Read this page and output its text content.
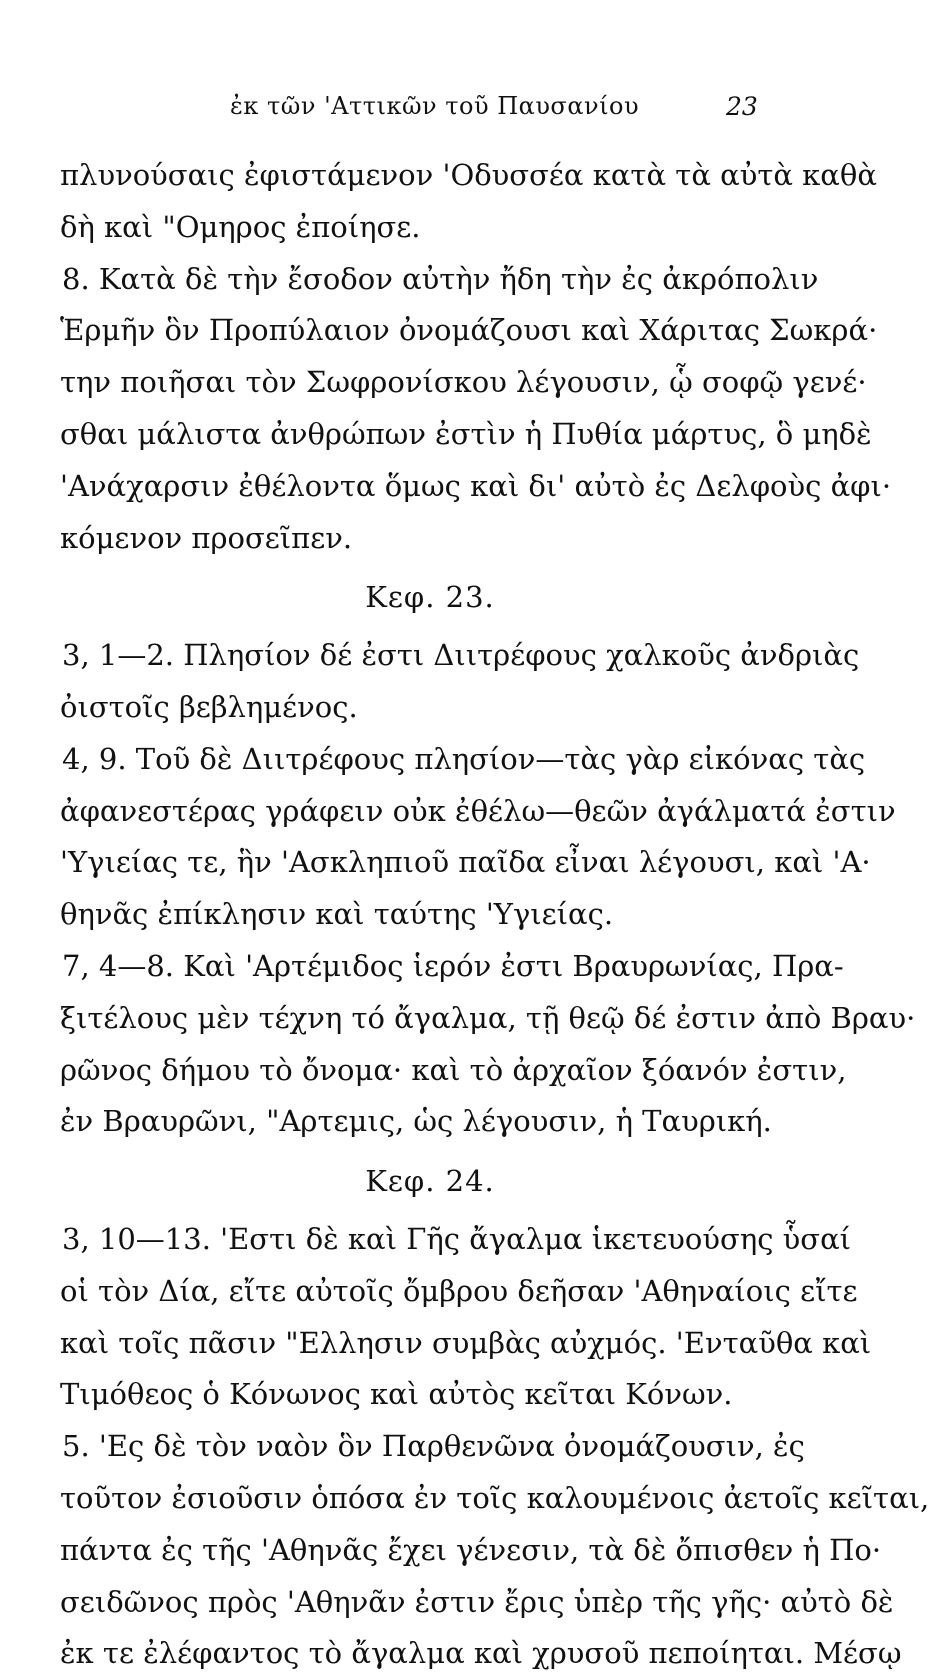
ἐκ τῶν 'Αττικῶν τοῦ Παυσανίου	23
πλυνούσαις ἐφιστάμενον 'Οδυσσέα κατὰ τὰ αὐτὰ καθὰ
δὴ καὶ "Ομηρος ἐποίησε.
8. Κατὰ δὲ τὴν ἔσοδον αὐτὴν ἤδη τὴν ἐς ἀκρόπολιν
Ἑρμῆν ὃν Προπύλαιον ὀνομάζουσι καὶ Χάριτας Σωκρά·
την ποιῆσαι τὸν Σωφρονίσκου λέγουσιν, ᾧ σοφῷ γενέ·
σθαι μάλιστα ἀνθρώπων ἐστὶν ἡ Πυθία μάρτυς, ὃ μηδὲ
'Ανάχαρσιν ἐθέλοντα ὅμως καὶ δι' αὐτὸ ἐς Δελφοὺς ἀφι·
κόμενον προσεῖπεν.
Κεφ. 23.
3, 1—2. Πλησίον δέ ἐστι Διιτρέφους χαλκοῦς ἀνδριὰς
ὀιστοῖς βεβλημένος.
4, 9. Τοῦ δὲ Διιτρέφους πλησίον—τὰς γὰρ εἰκόνας τὰς
ἀφανεστέρας γράφειν οὐκ ἐθέλω—θεῶν ἀγάλματά ἐστιν
'Υγιείας τε, ἣν 'Ασκληπιοῦ παῖδα εἶναι λέγουσι, καὶ 'Α·
θηνᾶς ἐπίκλησιν καὶ ταύτης 'Υγιείας.
7, 4—8. Καὶ 'Αρτέμιδος ἱερόν ἐστι Βραυρωνίας, Πρα-
ξιτέλους μὲν τέχνη τό ἄγαλμα, τῇ θεῷ δέ ἐστιν ἀπὸ Βραυ·
ρῶνος δήμου τὸ ὄνομα· καὶ τὸ ἀρχαῖον ξόανόν ἐστιν,
ἐν Βραυρῶνι, "Αρτεμις, ὡς λέγουσιν, ἡ Ταυρική.
Κεφ. 24.
3, 10—13. 'Εστι δὲ καὶ Γῆς ἄγαλμα ἱκετευούσης ὗσαί
οἱ τὸν Δία, εἴτε αὐτοῖς ὄμβρου δεῆσαν 'Αθηναίοις εἴτε
καὶ τοῖς πᾶσιν "Ελλησιν συμβὰς αὐχμός. 'Ενταῦθα καὶ
Τιμόθεος ὁ Κόνωνος καὶ αὐτὸς κεῖται Κόνων.
5. 'Ες δὲ τὸν ναὸν ὃν Παρθενῶνα ὀνομάζουσιν, ἐς
τοῦτον ἐσιοῦσιν ὁπόσα ἐν τοῖς καλουμένοις ἀετοῖς κεῖται,
πάντα ἐς τῆς 'Αθηνᾶς ἔχει γένεσιν, τὰ δὲ ὄπισθεν ἡ Πο·
σειδῶνος πρὸς 'Αθηνᾶν ἐστιν ἔρις ὑπὲρ τῆς γῆς· αὐτὸ δὲ
ἐκ τε ἐλέφαντος τὸ ἄγαλμα καὶ χρυσοῦ πεποίηται. Μέσῳ
